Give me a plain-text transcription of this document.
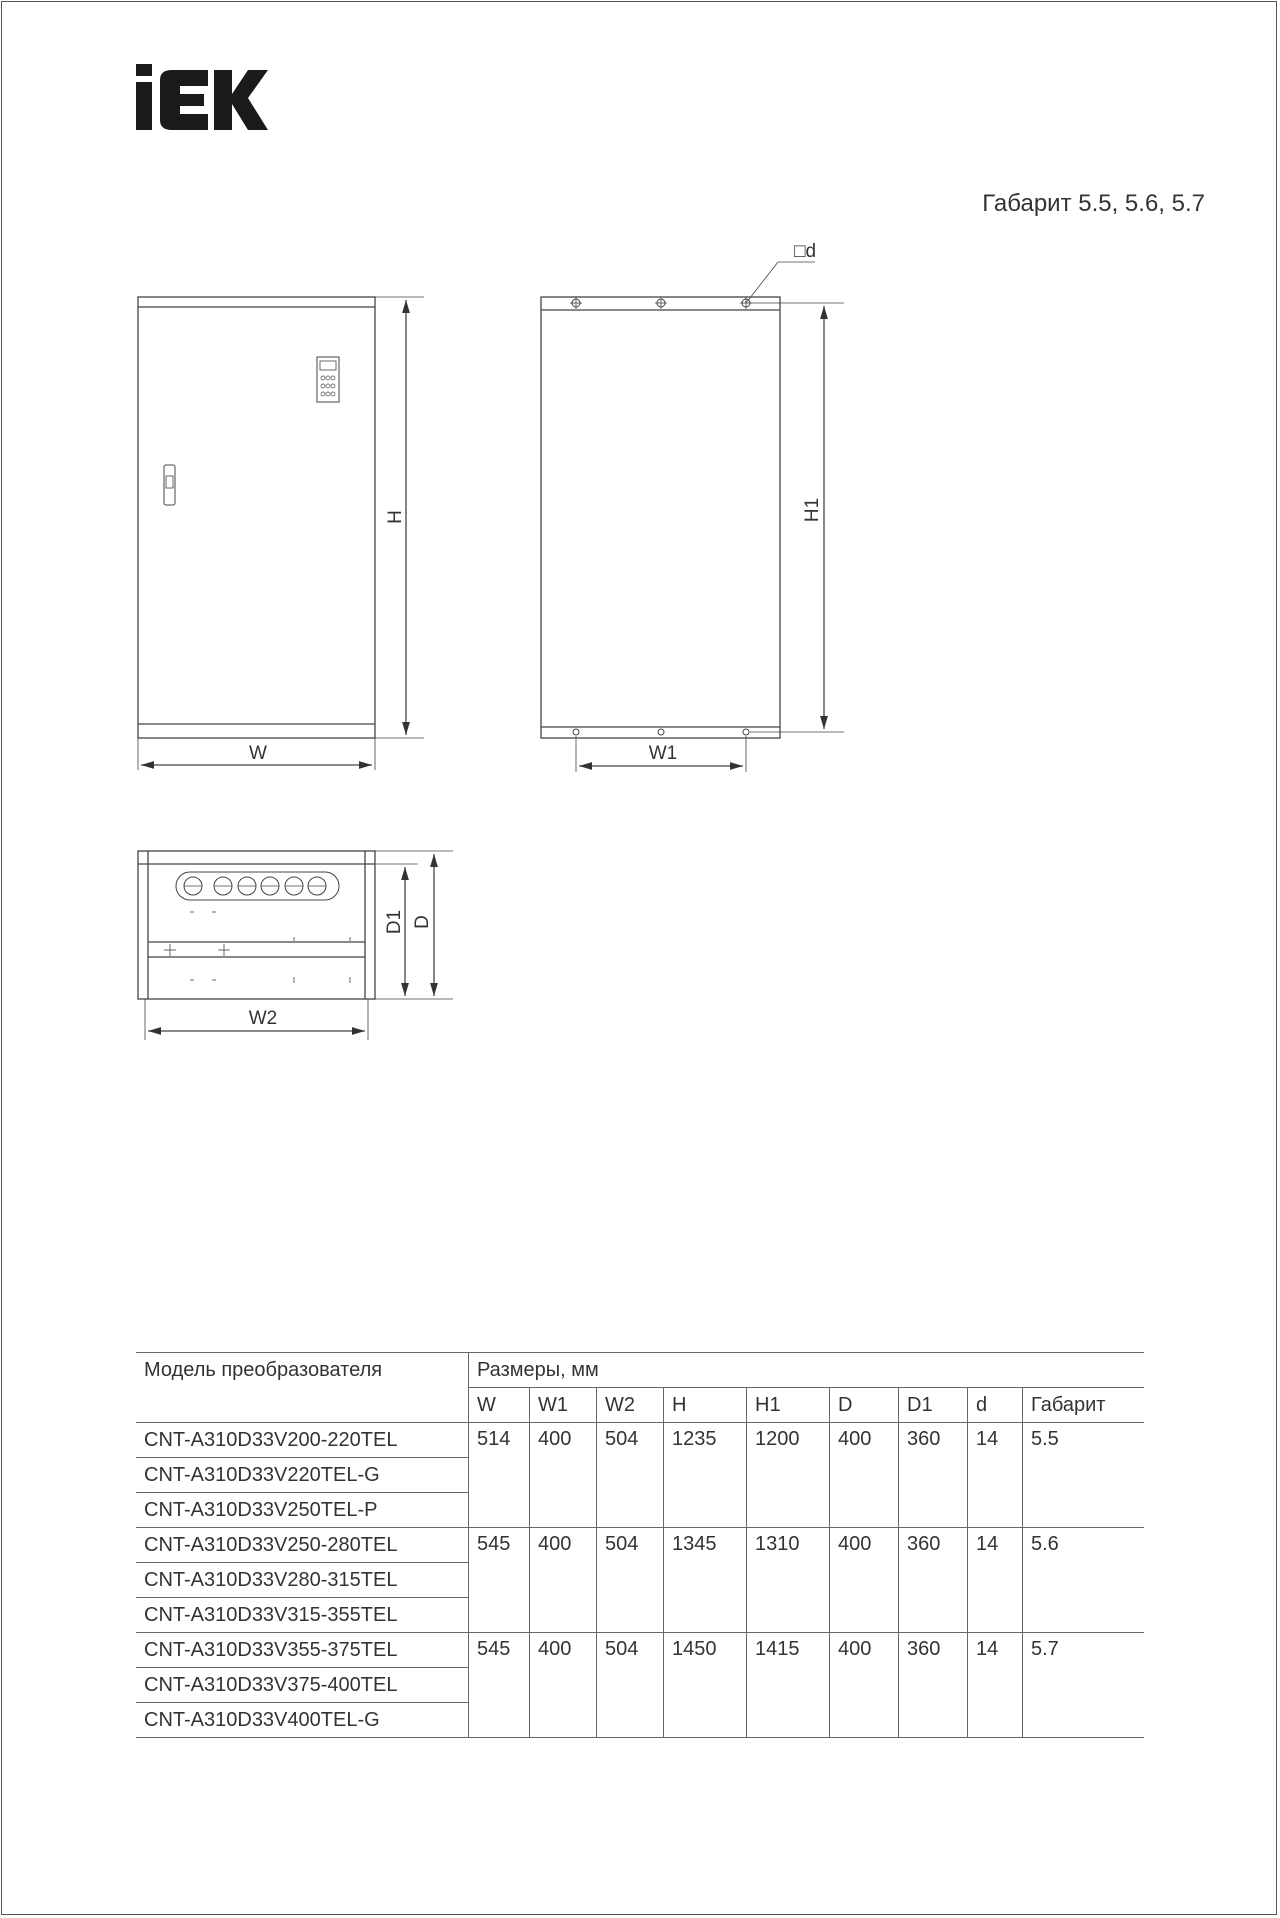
Габарит 5.5, 5.6, 5.7
H
W
H1
W1
□d
D1 D
W2
Модель преобразователя	Размеры, мм								
	W	W1	W2	H	H1	D	D1	d	Габарит
CNT-A310D33V200-220TEL	514	400	504	1235	1200	400	360	14	5.5
CNT-A310D33V220TEL-G									
CNT-A310D33V250TEL-P									
CNT-A310D33V250-280TEL	545	400	504	1345	1310	400	360	14	5.6
CNT-A310D33V280-315TEL									
CNT-A310D33V315-355TEL									
CNT-A310D33V355-375TEL	545	400	504	1450	1415	400	360	14	5.7
CNT-A310D33V375-400TEL									
CNT-A310D33V400TEL-G									
